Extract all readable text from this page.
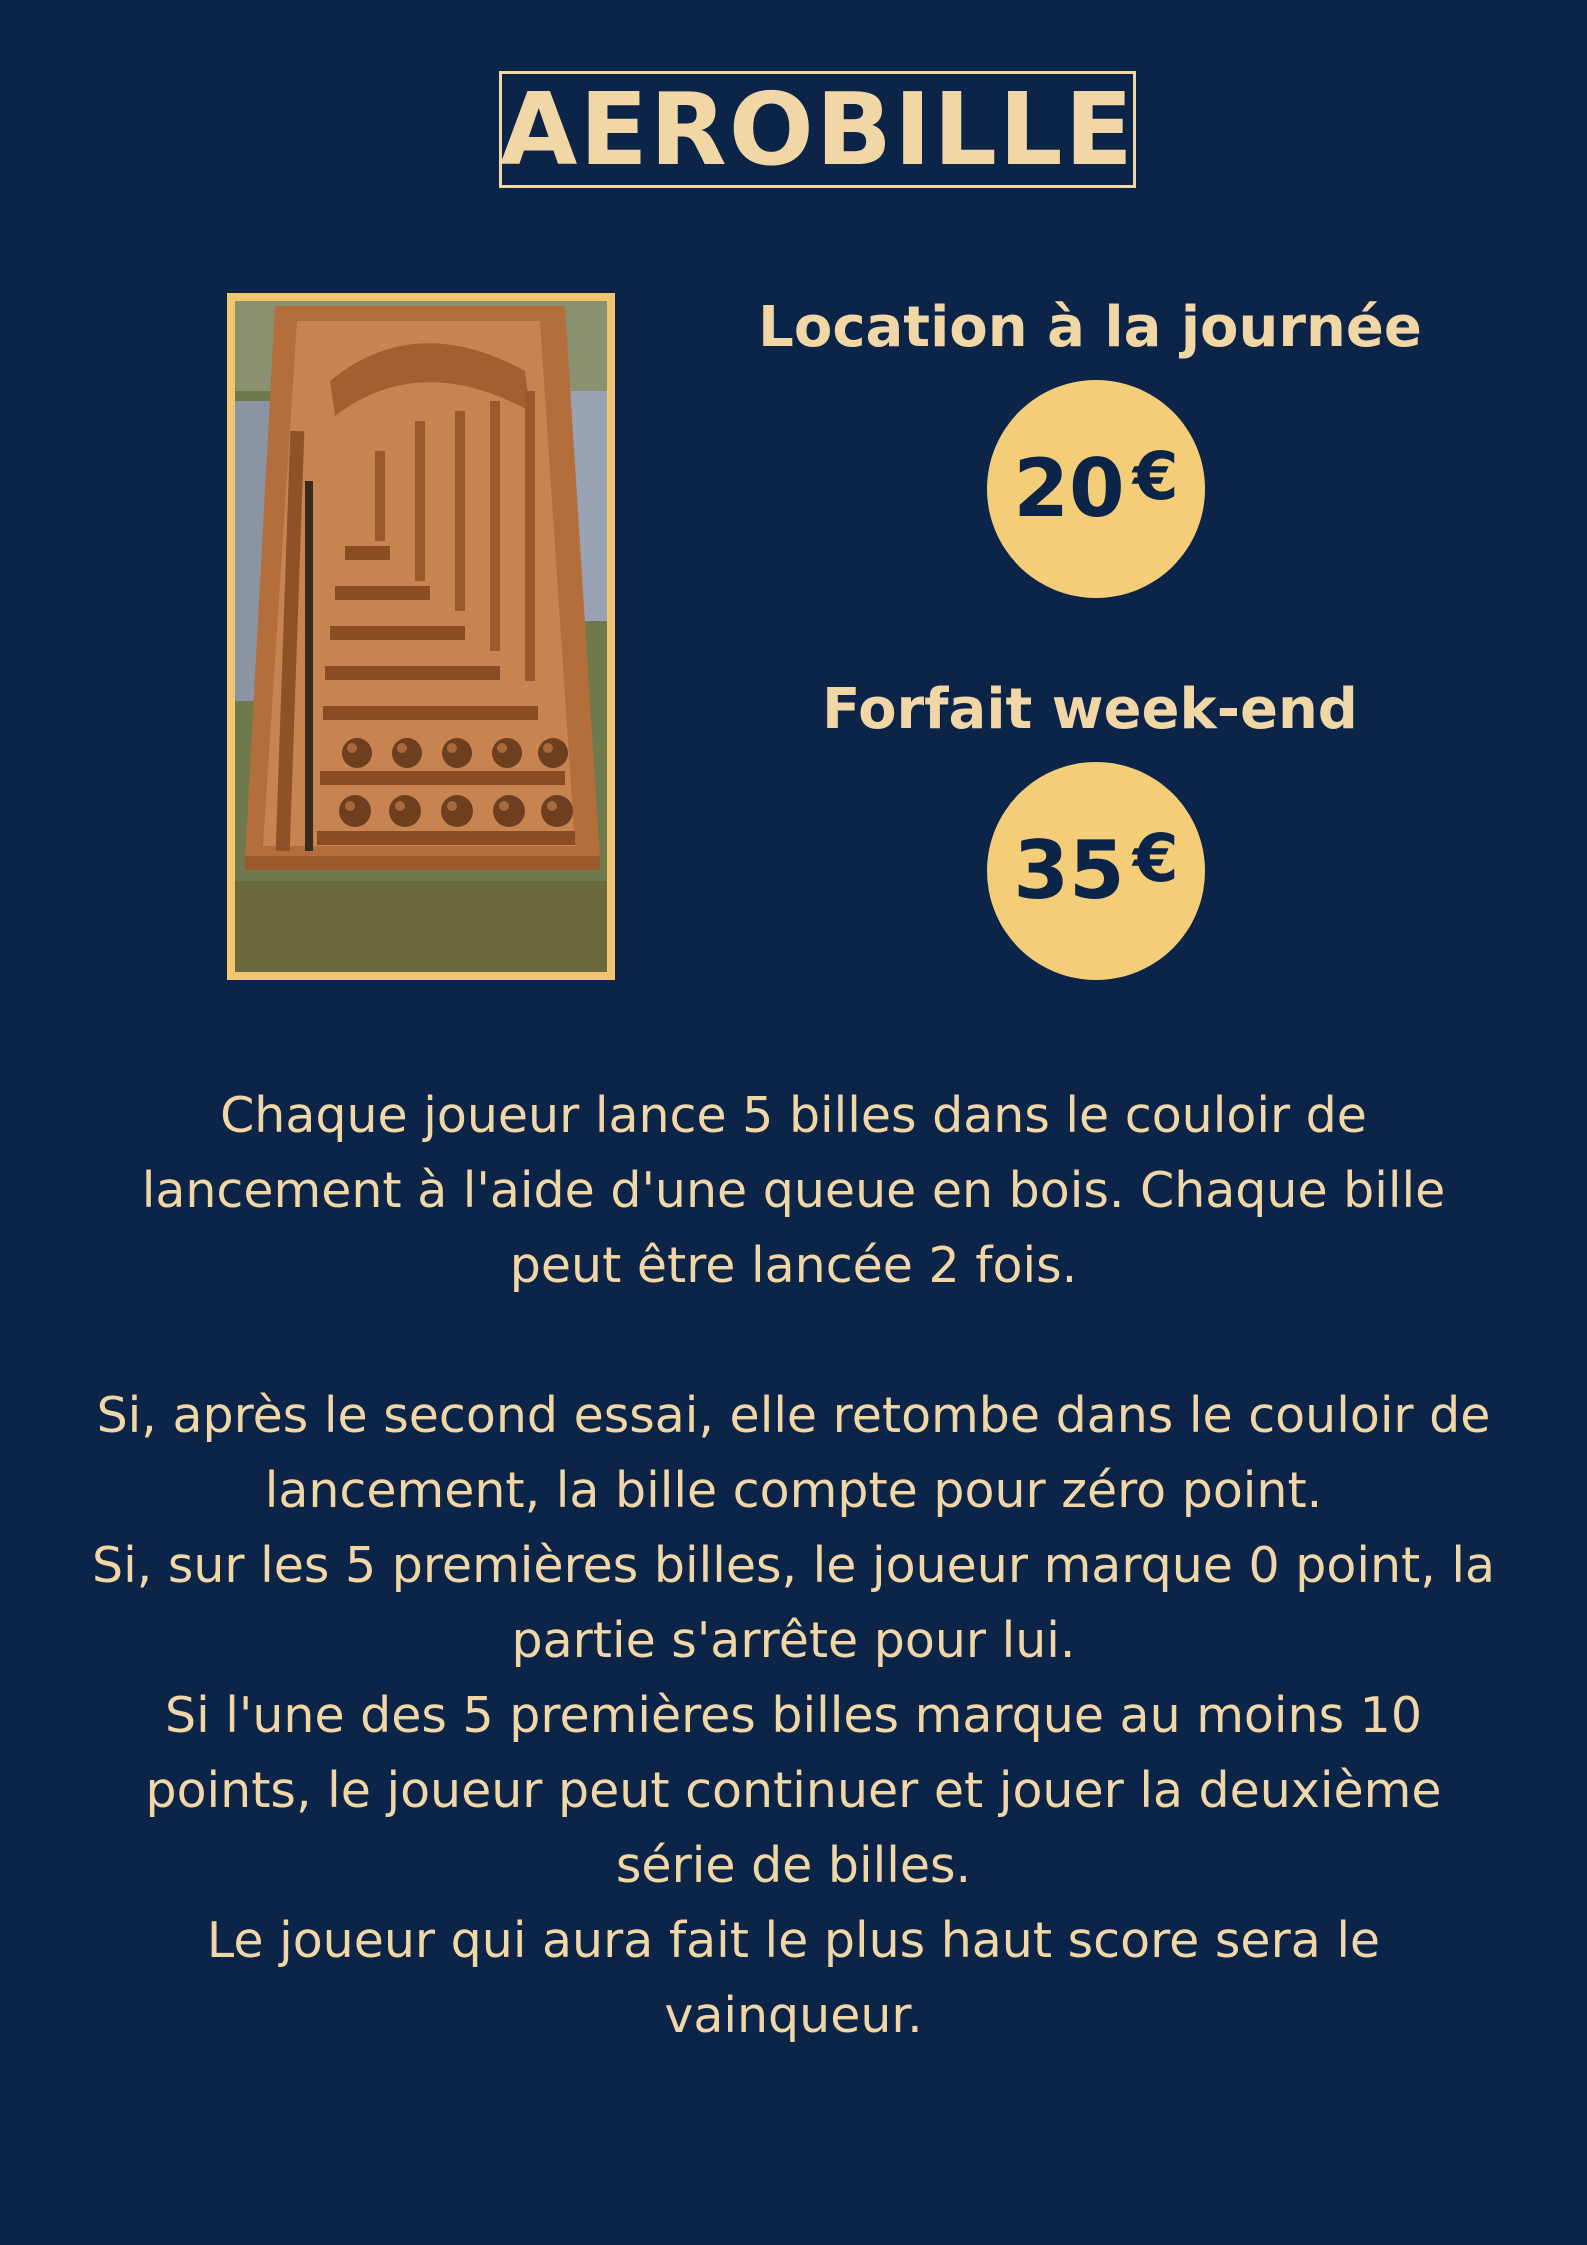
AEROBILLE
Location à la journée
20 €
Forfait week-end
35 €

Chaque joueur lance 5 billes dans le couloir de

lancement à l'aide d'une queue en bois. Chaque bille

peut être lancée 2 fois.

Si, après le second essai, elle retombe dans le couloir de

lancement, la bille compte pour zéro point.

Si, sur les 5 premières billes, le joueur marque 0 point, la

partie s'arrête pour lui.

Si l'une des 5 premières billes marque au moins 10

points, le joueur peut continuer et jouer la deuxième

série de billes.

Le joueur qui aura fait le plus haut score sera le

vainqueur.
